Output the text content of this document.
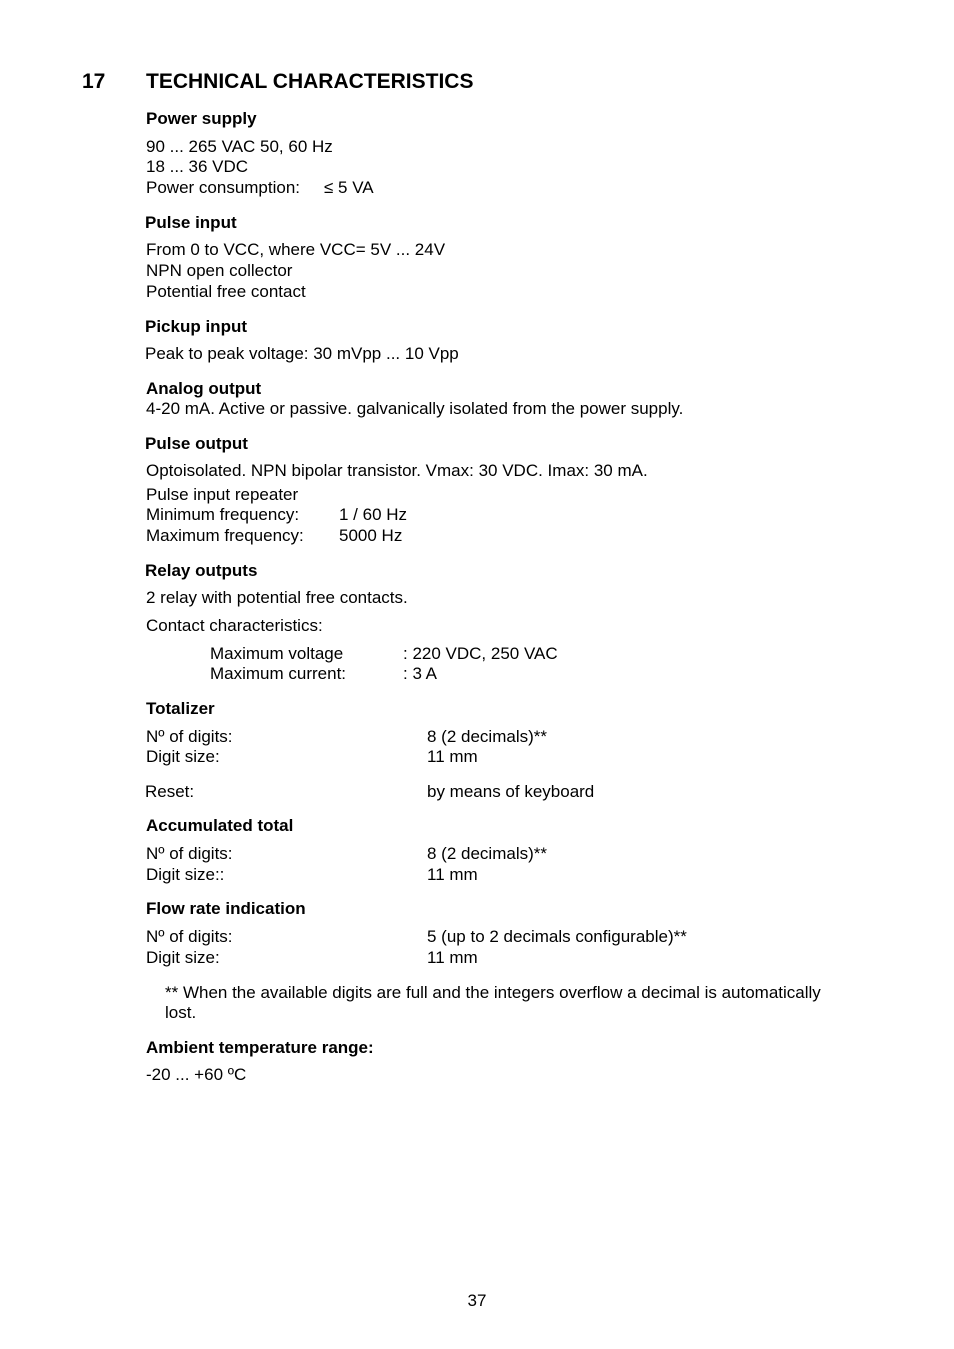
17 TECHNICAL CHARACTERISTICS
Power supply
90 ... 265 VAC 50, 60 Hz
18 ... 36 VDC
Power consumption: ≤ 5 VA
Pulse input
From 0 to VCC, where VCC= 5V ... 24V
NPN open collector
Potential free contact
Pickup input
Peak to peak voltage: 30 mVpp ... 10 Vpp
Analog output
4-20 mA. Active or passive. galvanically isolated from the power supply.
Pulse output
Optoisolated. NPN bipolar transistor. Vmax: 30 VDC. Imax: 30 mA.
Pulse input repeater
Minimum frequency: 1 / 60 Hz
Maximum frequency: 5000 Hz
Relay outputs
2 relay with potential free contacts.
Contact characteristics:
Maximum voltage	: 220 VDC, 250 VAC
Maximum current:	: 3 A
Totalizer
Nº of digits:	8 (2 decimals)**
Digit size:	11 mm
Reset:	by means of keyboard
Accumulated total
Nº of digits:	8 (2 decimals)**
Digit size::	11 mm
Flow rate indication
Nº of digits:	5 (up to 2 decimals configurable)**
Digit size:	11 mm
** When the available digits are full and the integers overflow a decimal is automatically
lost.
Ambient temperature range:
-20 ... +60 ºC
37
